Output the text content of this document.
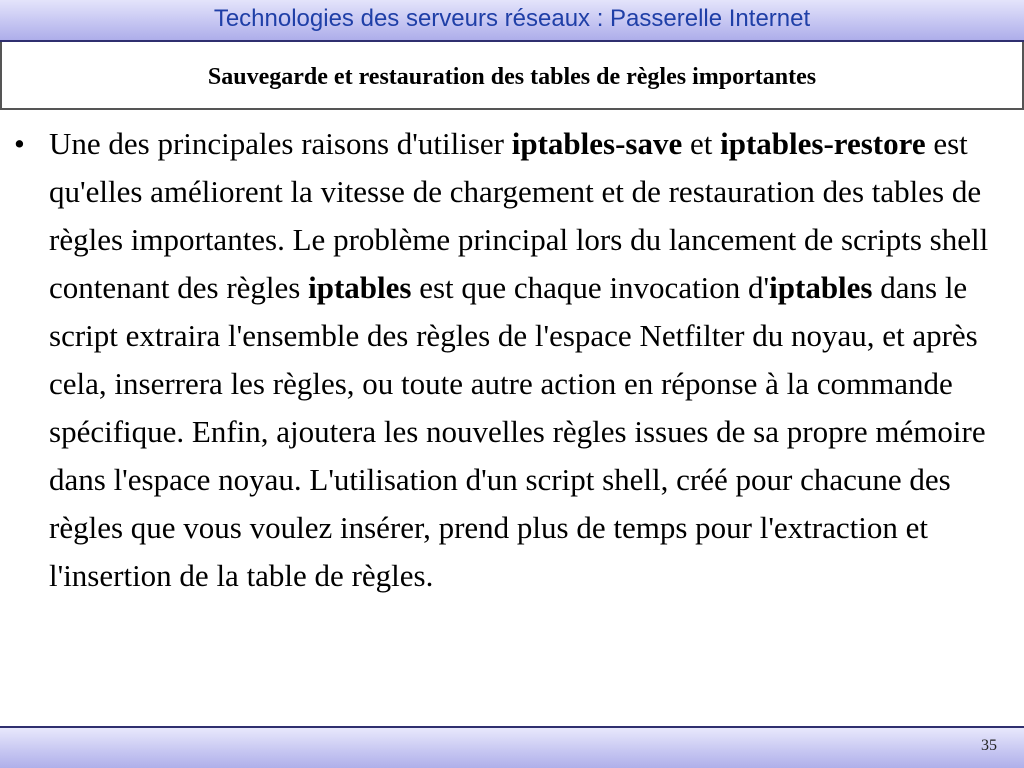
Technologies des serveurs réseaux : Passerelle Internet
Sauvegarde et restauration des tables de règles importantes
• Une des principales raisons d'utiliser iptables-save et iptables-restore est qu'elles améliorent la vitesse de chargement et de restauration des tables de règles importantes. Le problème principal lors du lancement de scripts shell contenant des règles iptables est que chaque invocation d'iptables dans le script extraira l'ensemble des règles de l'espace Netfilter du noyau, et après cela, inserrera les règles, ou toute autre action en réponse à la commande spécifique. Enfin, ajoutera les nouvelles règles issues de sa propre mémoire dans l'espace noyau. L'utilisation d'un script shell, créé pour chacune des règles que vous voulez insérer, prend plus de temps pour l'extraction et l'insertion de la table de règles.
35
